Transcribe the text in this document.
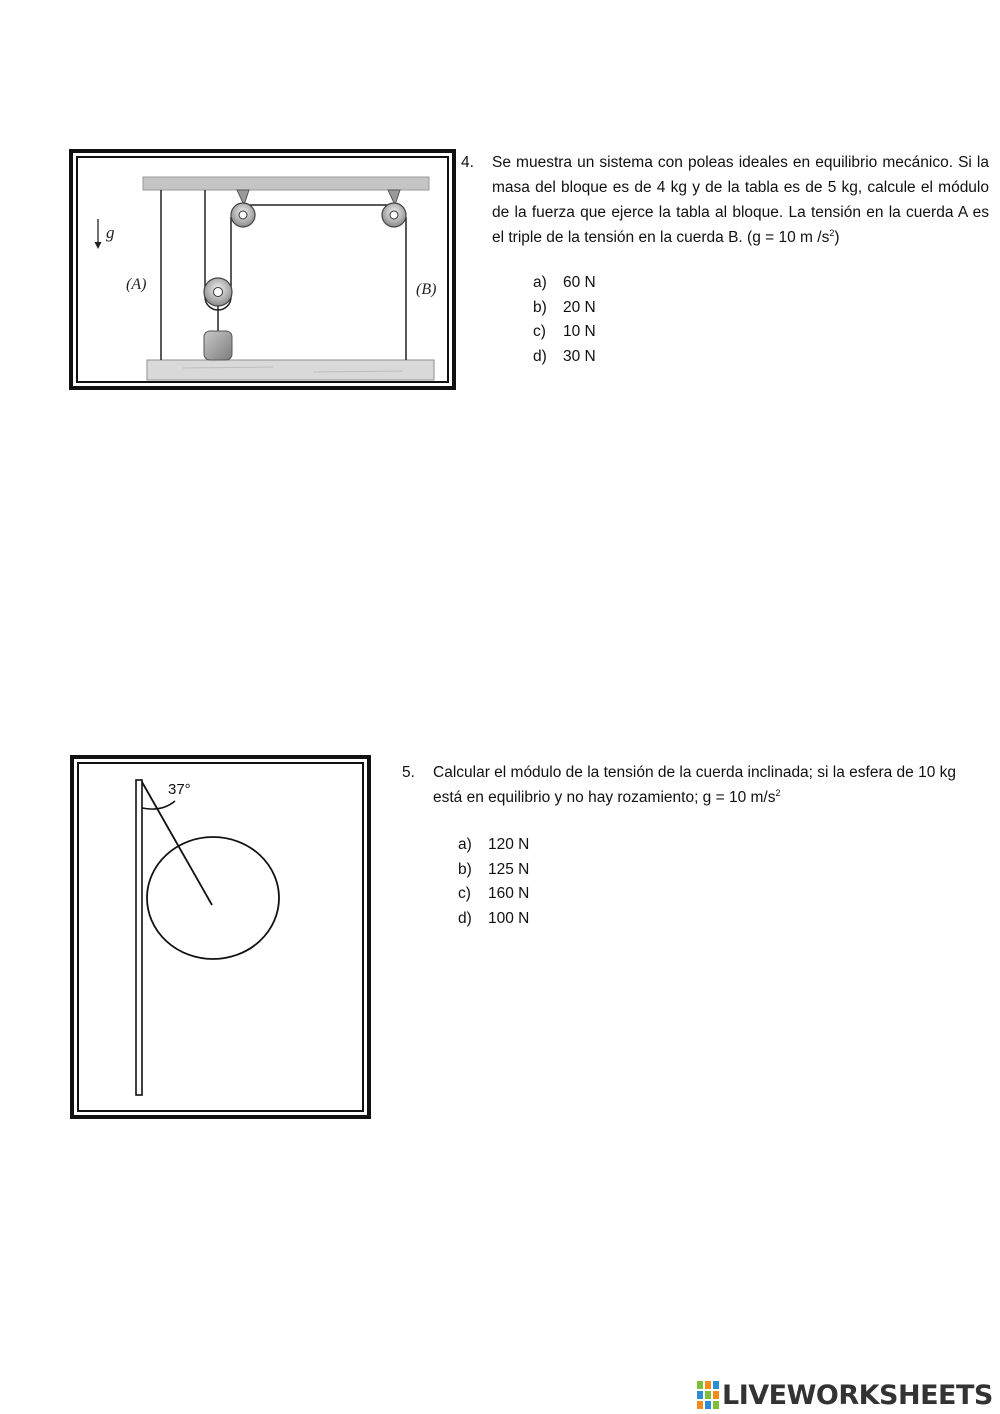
g
(A)	(B)
4.	Se muestra un sistema con poleas ideales en equilibrio mecánico. Si la masa del bloque es de 4 kg y de la tabla es de 5 kg, calcule el módulo de la fuerza que ejerce la tabla al bloque. La tensión en la cuerda A es el triple de la tensión en la cuerda B. (g = 10 m $/s^2$)
a)	60 N
b)	20 N
c)	10 N
d)	30 N
37°
5.	Calcular el módulo de la tensión de la cuerda inclinada; si la esfera de 10 kg está en equilibrio y no hay rozamiento; g = 10 $m/s^2$
a)	120 N
b)	125 N
c)	160 N
d)	100 N
LIVEWORKSHEETS
